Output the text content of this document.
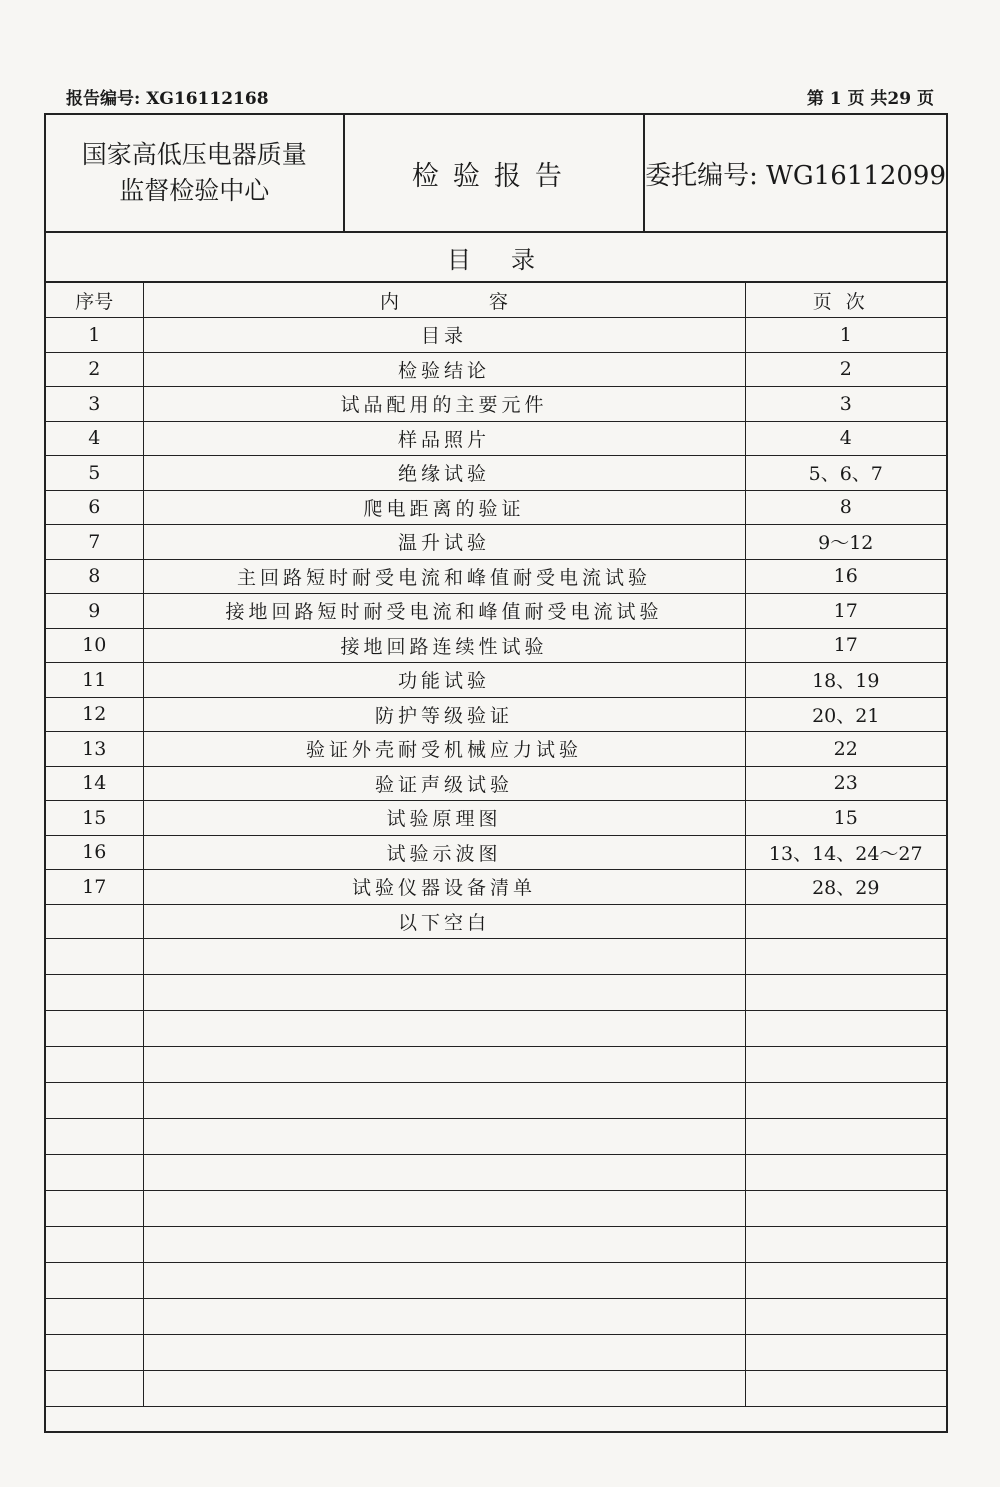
报告编号: XG16112168	第 1 页 共29 页
国家高低压电器质量
监督检验中心	检验报告	委托编号: WG16112099
目录
序号	内容	页次
1	目录	1
2	检验结论	2
3	试品配用的主要元件	3
4	样品照片	4
5	绝缘试验	5、6、7
6	爬电距离的验证	8
7	温升试验	9～12
8	主回路短时耐受电流和峰值耐受电流试验	16
9	接地回路短时耐受电流和峰值耐受电流试验	17
10	接地回路连续性试验	17
11	功能试验	18、19
12	防护等级验证	20、21
13	验证外壳耐受机械应力试验	22
14	验证声级试验	23
15	试验原理图	15
16	试验示波图	13、14、24～27
17	试验仪器设备清单	28、29
	以下空白	
